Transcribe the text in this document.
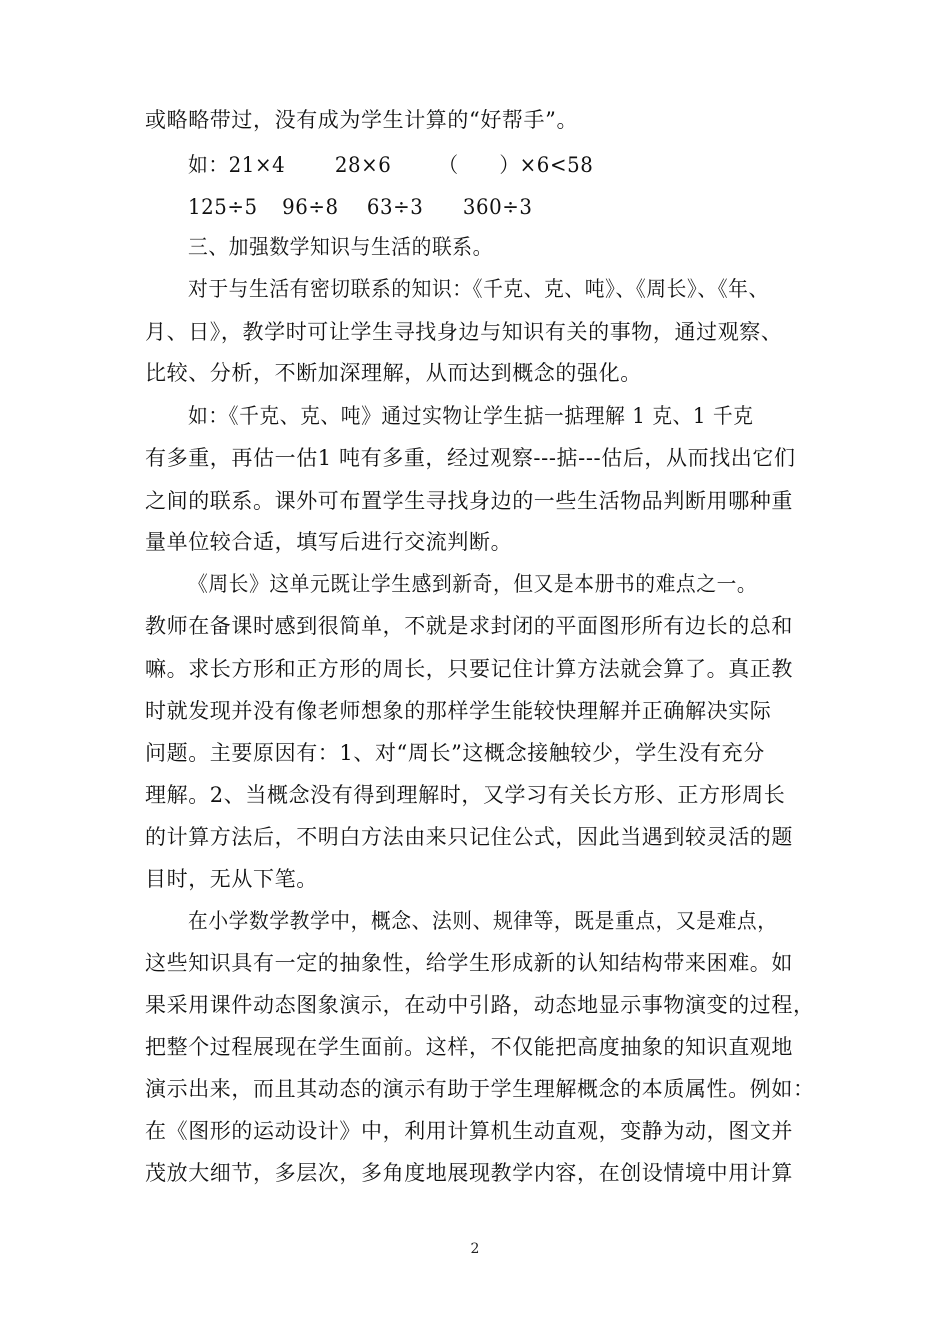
或略略带过，没有成为学生计算的“好帮手”。
如：21×4 28×6 （　　）×6<58
125÷5 96÷8 63÷3 360÷3
三、加强数学知识与生活的联系。
对于与生活有密切联系的知识：《千克、克、吨》、《周长》、《年、
月、日》，教学时可让学生寻找身边与知识有关的事物，通过观察、
比较、分析，不断加深理解，从而达到概念的强化。
如：《千克、克、吨》通过实物让学生掂一掂理解 1 克、1 千克
有多重，再估一估1 吨有多重，经过观察---掂---估后，从而找出它们
之间的联系。课外可布置学生寻找身边的一些生活物品判断用哪种重
量单位较合适，填写后进行交流判断。
《周长》这单元既让学生感到新奇，但又是本册书的难点之一。
教师在备课时感到很简单，不就是求封闭的平面图形所有边长的总和
嘛。求长方形和正方形的周长，只要记住计算方法就会算了。真正教
时就发现并没有像老师想象的那样学生能较快理解并正确解决实际
问题。主要原因有：1、对“周长”这概念接触较少，学生没有充分
理解。2、当概念没有得到理解时，又学习有关长方形、正方形周长
的计算方法后，不明白方法由来只记住公式，因此当遇到较灵活的题
目时，无从下笔。
在小学数学教学中，概念、法则、规律等，既是重点，又是难点，
这些知识具有一定的抽象性，给学生形成新的认知结构带来困难。如
果采用课件动态图象演示，在动中引路，动态地显示事物演变的过程，
把整个过程展现在学生面前。这样，不仅能把高度抽象的知识直观地
演示出来，而且其动态的演示有助于学生理解概念的本质属性。例如：
在《图形的运动设计》中，利用计算机生动直观，变静为动，图文并
茂放大细节，多层次，多角度地展现教学内容，在创设情境中用计算
2
